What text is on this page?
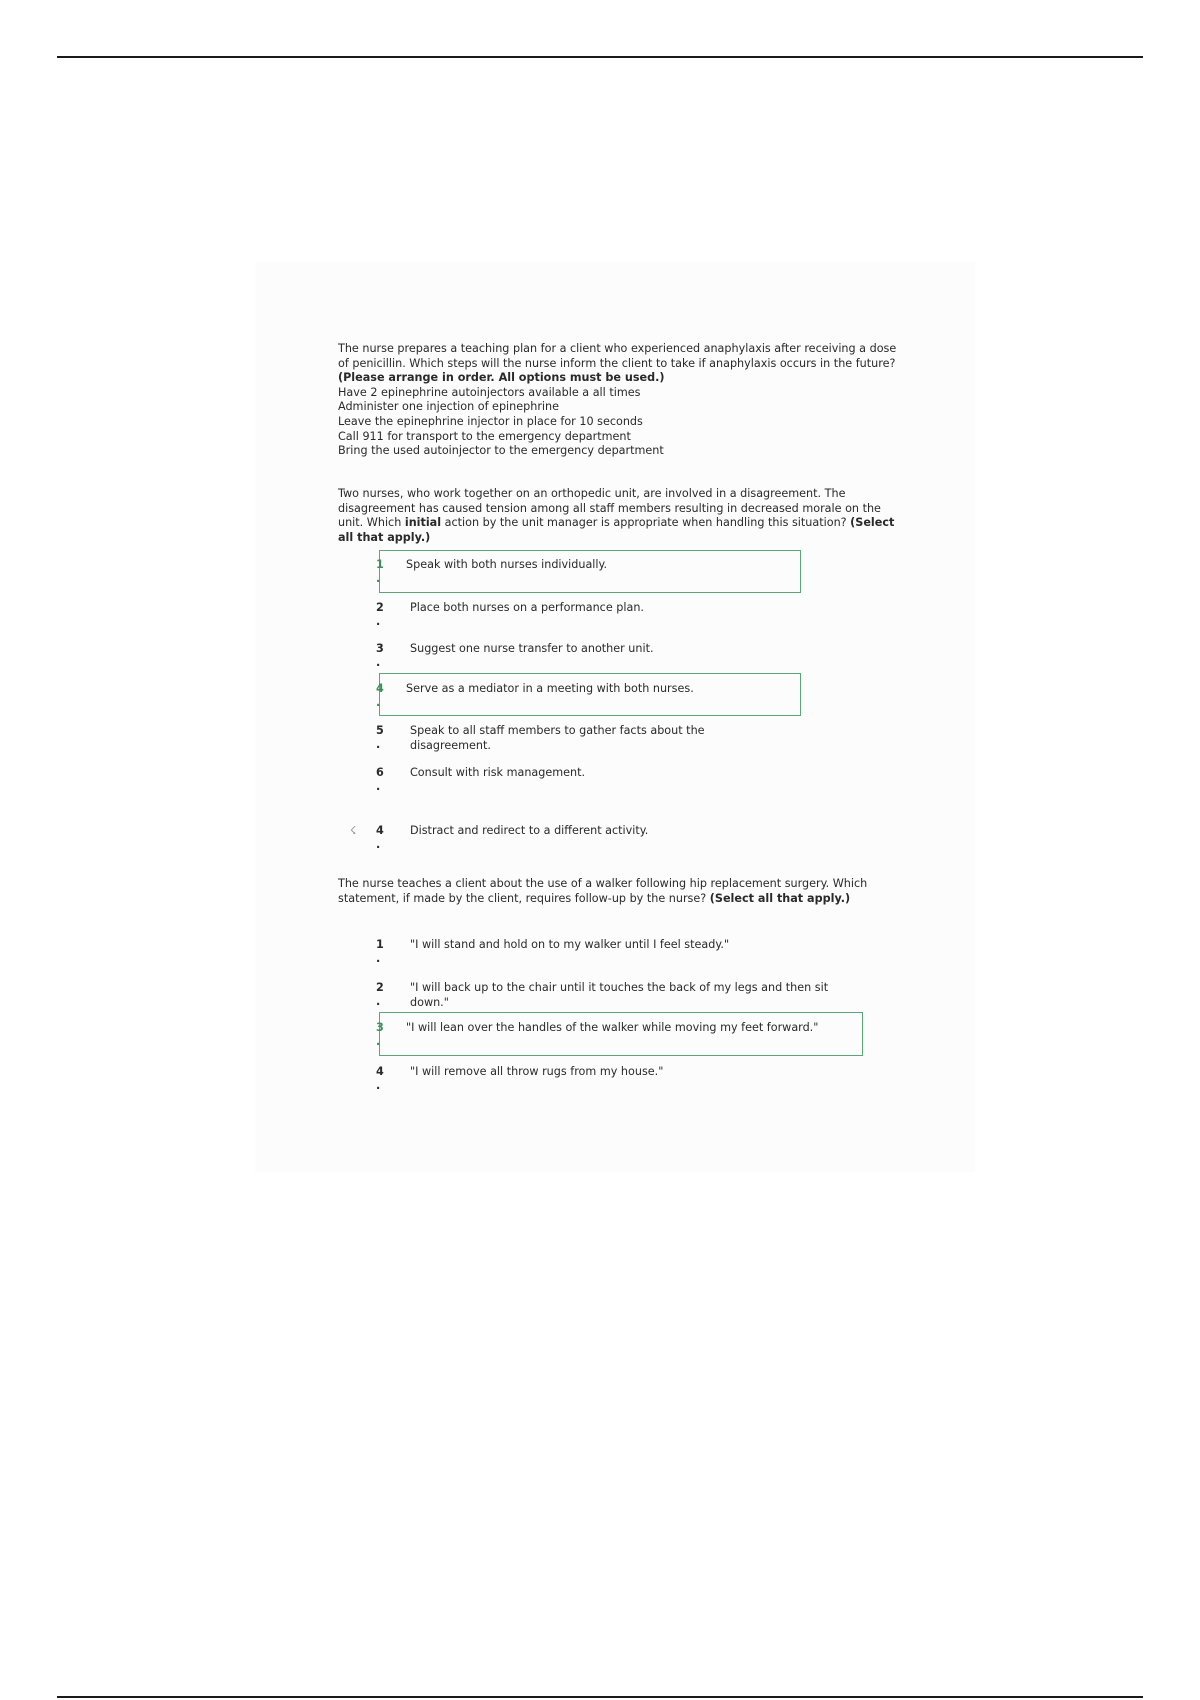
The nurse prepares a teaching plan for a client who experienced anaphylaxis after receiving a dose of penicillin. Which steps will the nurse inform the client to take if anaphylaxis occurs in the future? (Please arrange in order. All options must be used.)

Have 2 epinephrine autoinjectors available a all times
Administer one injection of epinephrine
Leave the epinephrine injector in place for 10 seconds
Call 911 for transport to the emergency department
Bring the used autoinjector to the emergency department

Two nurses, who work together on an orthopedic unit, are involved in a disagreement. The disagreement has caused tension among all staff members resulting in decreased morale on the unit. Which initial action by the unit manager is appropriate when handling this situation? (Select all that apply.)

1
.
Speak with both nurses individually.
2
.
Place both nurses on a performance plan.
3
.
Suggest one nurse transfer to another unit.
4
.
Serve as a mediator in a meeting with both nurses.
5
.
Speak to all staff members to gather facts about the disagreement.
6
.
Consult with risk management.
☇ 4
.
Distract and redirect to a different activity.

The nurse teaches a client about the use of a walker following hip replacement surgery. Which statement, if made by the client, requires follow-up by the nurse? (Select all that apply.)

1
.
"I will stand and hold on to my walker until I feel steady."
2
.
"I will back up to the chair until it touches the back of my legs and then sit down."
3
.
"I will lean over the handles of the walker while moving my feet forward."
4
.
"I will remove all throw rugs from my house."
